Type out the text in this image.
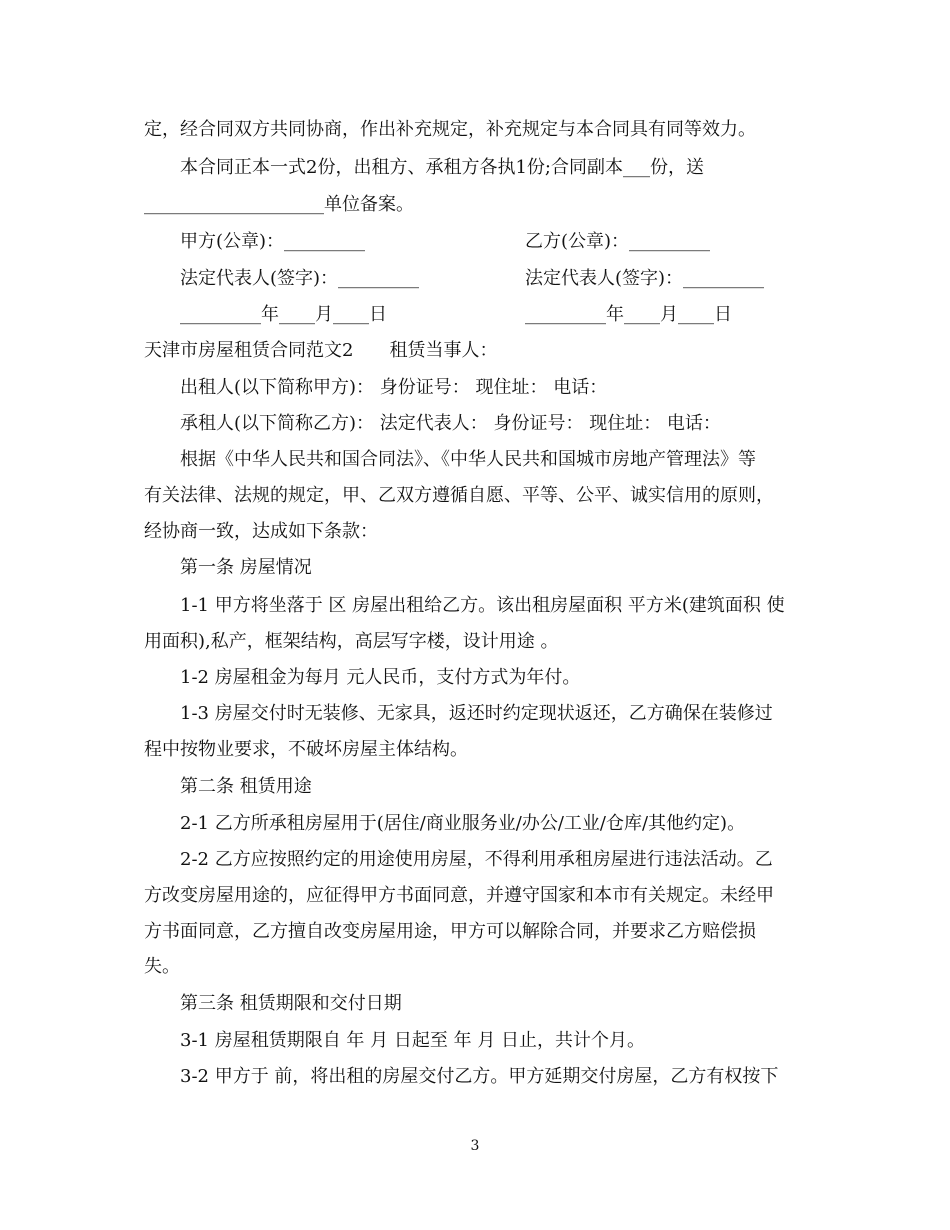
定，经合同双方共同协商，作出补充规定，补充规定与本合同具有同等效力。
本合同正本一式2份，出租方、承租方各执1份;合同副本___份，送
____________________单位备案。
甲方(公章)：_________	乙方(公章)：_________
法定代表人(签字)：_________	法定代表人(签字)：_________
_________年____月____日	_________年____月____日
天津市房屋租赁合同范文2　　租赁当事人：
出租人(以下简称甲方)： 身份证号： 现住址： 电话：
承租人(以下简称乙方)： 法定代表人： 身份证号： 现住址： 电话：
根据《中华人民共和国合同法》、《中华人民共和国城市房地产管理法》等
有关法律、法规的规定，甲、乙双方遵循自愿、平等、公平、诚实信用的原则，
经协商一致，达成如下条款：
第一条 房屋情况
1-1 甲方将坐落于 区 房屋出租给乙方。该出租房屋面积 平方米(建筑面积 使
用面积),私产，框架结构，高层写字楼，设计用途 。
1-2 房屋租金为每月 元人民币，支付方式为年付。
1-3 房屋交付时无装修、无家具，返还时约定现状返还，乙方确保在装修过
程中按物业要求，不破坏房屋主体结构。
第二条 租赁用途
2-1 乙方所承租房屋用于(居住/商业服务业/办公/工业/仓库/其他约定)。
2-2 乙方应按照约定的用途使用房屋，不得利用承租房屋进行违法活动。乙
方改变房屋用途的，应征得甲方书面同意，并遵守国家和本市有关规定。未经甲
方书面同意，乙方擅自改变房屋用途，甲方可以解除合同，并要求乙方赔偿损
失。
第三条 租赁期限和交付日期
3-1 房屋租赁期限自 年 月 日起至 年 月 日止，共计个月。
3-2 甲方于 前，将出租的房屋交付乙方。甲方延期交付房屋，乙方有权按下
3
